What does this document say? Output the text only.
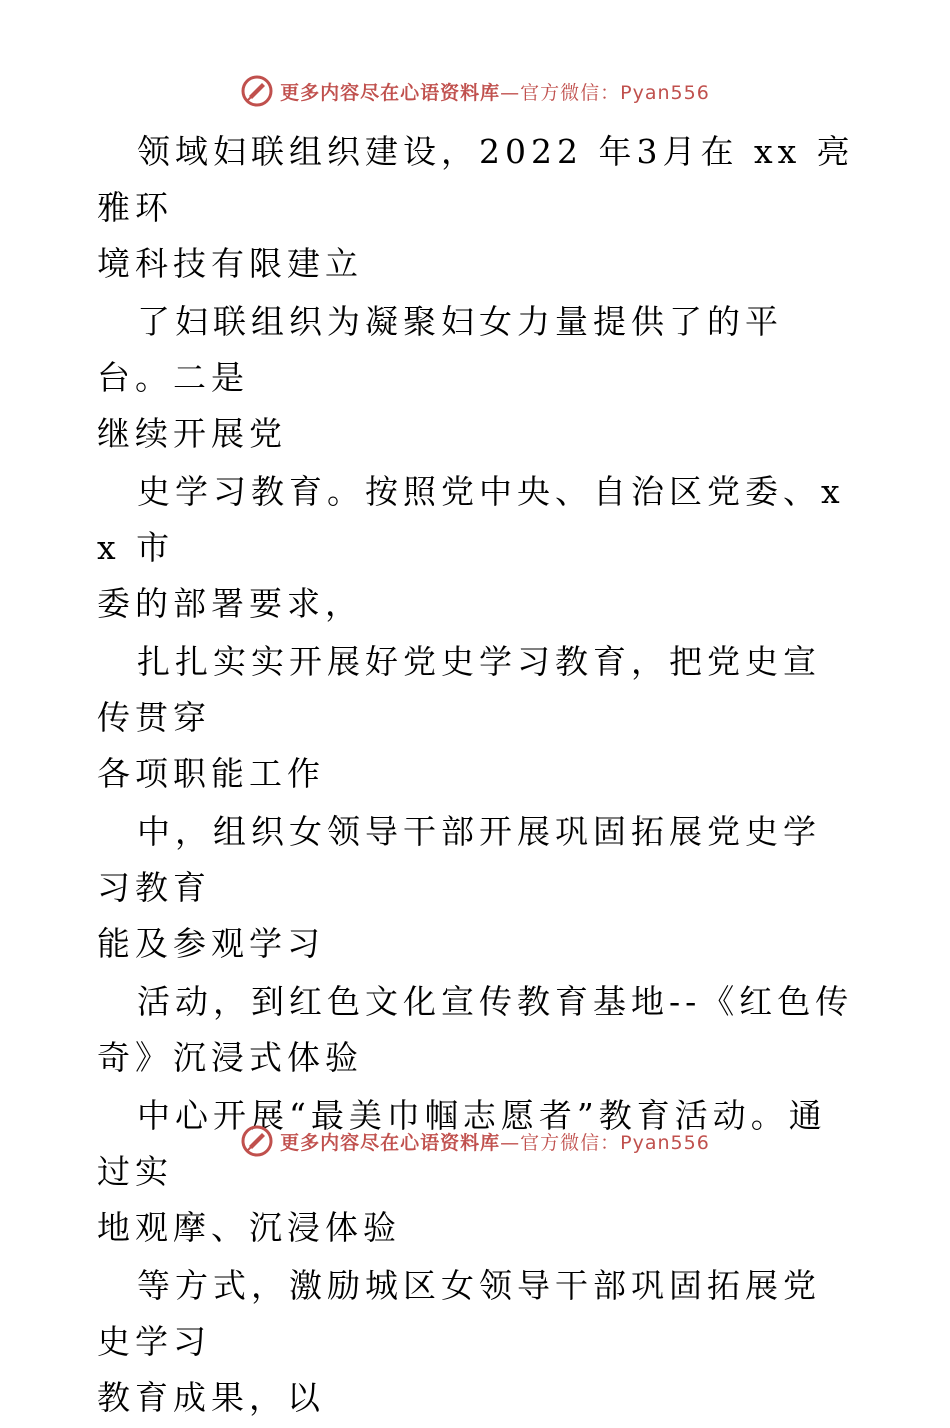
更多内容尽在心语资料库 —官方微信：Pyan556

领域妇联组织建设，2022 年3月在 xx 亮雅环
境科技有限建立

了妇联组织为凝聚妇女力量提供了的平台。二是
继续开展党

史学习教育。按照党中央、自治区党委、xx 市
委的部署要求，

扎扎实实开展好党史学习教育，把党史宣传贯穿
各项职能工作

中，组织女领导干部开展巩固拓展党史学习教育
能及参观学习

活动，到红色文化宣传教育基地--《红色传
奇》沉浸式体验

中心开展“最美巾帼志愿者”教育活动。通过实
地观摩、沉浸体验

等方式，激励城区女领导干部巩固拓展党史学习
教育成果，以

更多内容尽在心语资料库 —官方微信：Pyan556
